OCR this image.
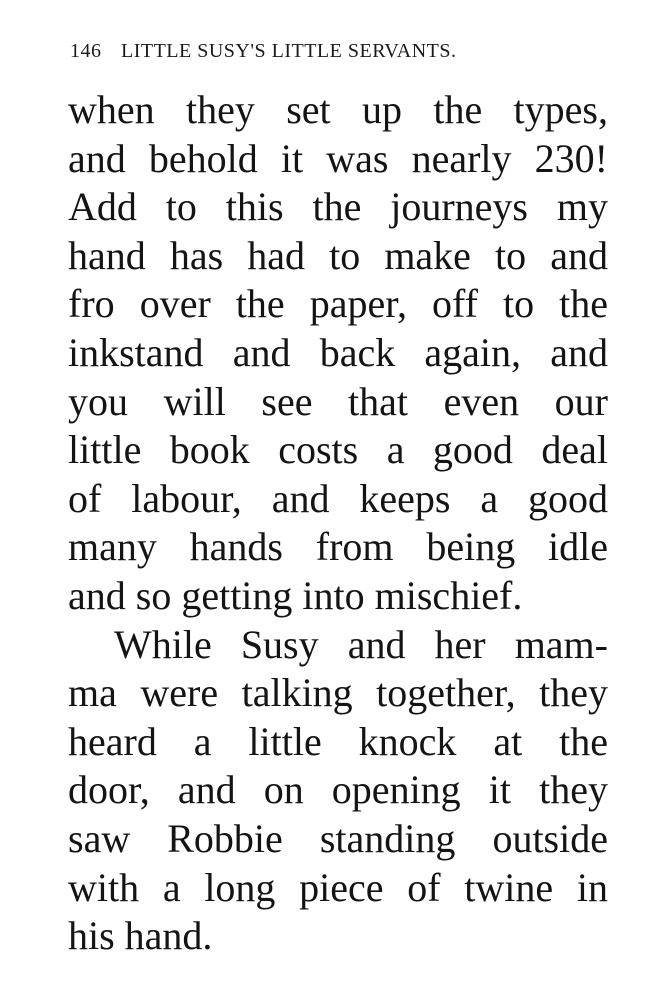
146 LITTLE SUSY'S LITTLE SERVANTS.
when they set up the types,
and behold it was nearly 230!
Add to this the journeys my
hand has had to make to and
fro over the paper, off to the
inkstand and back again, and
you will see that even our
little book costs a good deal
of labour, and keeps a good
many hands from being idle
and so getting into mischief.
While Susy and her mam-
ma were talking together, they
heard a little knock at the
door, and on opening it they
saw Robbie standing outside
with a long piece of twine in
his hand.
